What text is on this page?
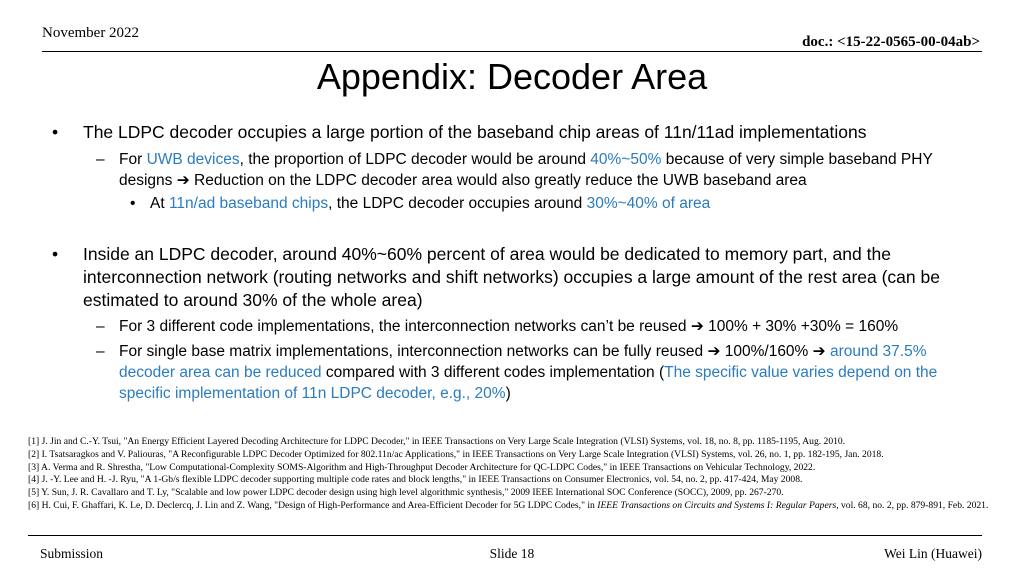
November 2022
doc.: <15-22-0565-00-04ab>
Appendix: Decoder Area
• The LDPC decoder occupies a large portion of the baseband chip areas of 11n/11ad implementations
– For UWB devices, the proportion of LDPC decoder would be around 40%~50% because of very simple baseband PHY designs ➔ Reduction on the LDPC decoder area would also greatly reduce the UWB baseband area
• At 11n/ad baseband chips, the LDPC decoder occupies around 30%~40% of area
• Inside an LDPC decoder, around 40%~60% percent of area would be dedicated to memory part, and the interconnection network (routing networks and shift networks) occupies a large amount of the rest area (can be estimated to around 30% of the whole area)
– For 3 different code implementations, the interconnection networks can’t be reused ➔ 100% + 30% +30% = 160%
– For single base matrix implementations, interconnection networks can be fully reused ➔ 100%/160% ➔ around 37.5% decoder area can be reduced compared with 3 different codes implementation (The specific value varies depend on the specific implementation of 11n LDPC decoder, e.g., 20%)
[1] J. Jin and C.-Y. Tsui, "An Energy Efficient Layered Decoding Architecture for LDPC Decoder," in IEEE Transactions on Very Large Scale Integration (VLSI) Systems, vol. 18, no. 8, pp. 1185-1195, Aug. 2010.
[2] I. Tsatsaragkos and V. Paliouras, "A Reconfigurable LDPC Decoder Optimized for 802.11n/ac Applications," in IEEE Transactions on Very Large Scale Integration (VLSI) Systems, vol. 26, no. 1, pp. 182-195, Jan. 2018.
[3] A. Verma and R. Shrestha, "Low Computational-Complexity SOMS-Algorithm and High-Throughput Decoder Architecture for QC-LDPC Codes," in IEEE Transactions on Vehicular Technology, 2022.
[4] J. -Y. Lee and H. -J. Ryu, "A 1-Gb/s flexible LDPC decoder supporting multiple code rates and block lengths," in IEEE Transactions on Consumer Electronics, vol. 54, no. 2, pp. 417-424, May 2008.
[5] Y. Sun, J. R. Cavallaro and T. Ly, "Scalable and low power LDPC decoder design using high level algorithmic synthesis," 2009 IEEE International SOC Conference (SOCC), 2009, pp. 267-270.
[6] H. Cui, F. Ghaffari, K. Le, D. Declercq, J. Lin and Z. Wang, "Design of High-Performance and Area-Efficient Decoder for 5G LDPC Codes," in IEEE Transactions on Circuits and Systems I: Regular Papers, vol. 68, no. 2, pp. 879-891, Feb. 2021.
Submission	Slide 18	Wei Lin (Huawei)
